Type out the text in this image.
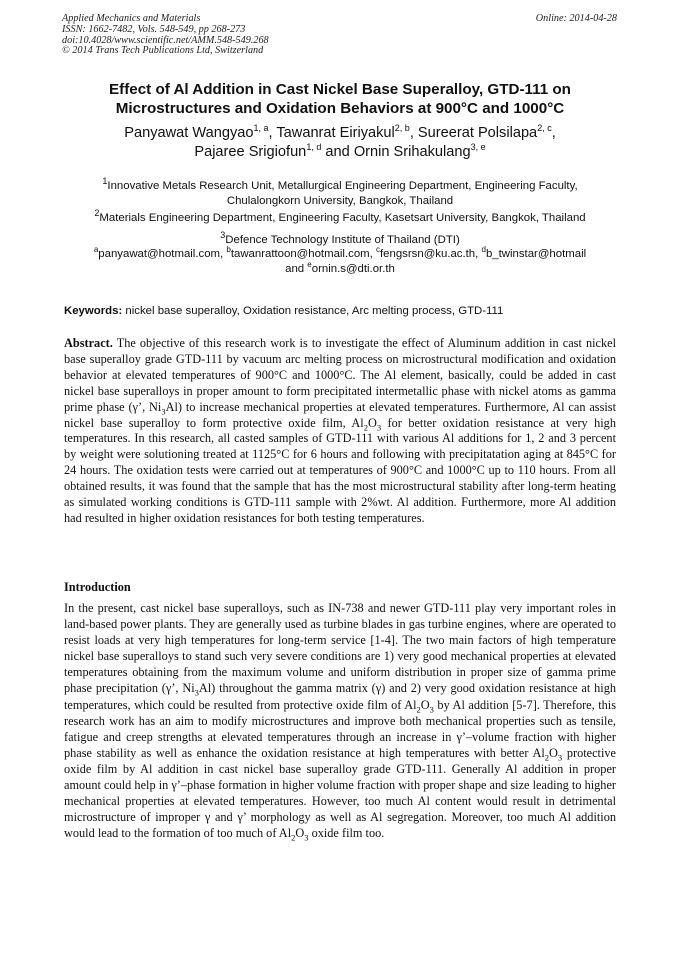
Applied Mechanics and Materials
ISSN: 1662-7482, Vols. 548-549, pp 268-273
doi:10.4028/www.scientific.net/AMM.548-549.268
© 2014 Trans Tech Publications Ltd, Switzerland
Online: 2014-04-28
Effect of Al Addition in Cast Nickel Base Superalloy, GTD-111 on
Microstructures and Oxidation Behaviors at 900°C and 1000°C
Panyawat Wangyao$^{1, a}$, Tawanrat Eiriyakul$^{2, b}$, Sureerat Polsilapa$^{2, c}$,
Pajaree Srigiofun$^{1, d}$ and Ornin Srihakulang$^{3, e}$
$^1$Innovative Metals Research Unit, Metallurgical Engineering Department, Engineering Faculty,
Chulalongkorn University, Bangkok, Thailand
$^2$Materials Engineering Department, Engineering Faculty, Kasetsart University, Bangkok, Thailand
$^3$Defence Technology Institute of Thailand (DTI)
$^a$panyawat@hotmail.com, $^b$tawanrattoon@hotmail.com, $^c$fengsrsn@ku.ac.th, $^d$b_twinstar@hotmail
and $^e$ornin.s@dti.or.th
Keywords: nickel base superalloy, Oxidation resistance, Arc melting process, GTD-111
Abstract. The objective of this research work is to investigate the effect of Aluminum addition in cast nickel base superalloy grade GTD-111 by vacuum arc melting process on microstructural modification and oxidation behavior at elevated temperatures of 900°C and 1000°C. The Al element, basically, could be added in cast nickel base superalloys in proper amount to form precipitated intermetallic phase with nickel atoms as gamma prime phase (γ’, $Ni_3Al$) to increase mechanical properties at elevated temperatures. Furthermore, Al can assist nickel base superalloy to form protective oxide film, $Al_2O_3$ for better oxidation resistance at very high temperatures. In this research, all casted samples of GTD-111 with various Al additions for 1, 2 and 3 percent by weight were solutioning treated at 1125°C for 6 hours and following with precipitatation aging at 845°C for 24 hours. The oxidation tests were carried out at temperatures of 900°C and 1000°C up to 110 hours. From all obtained results, it was found that the sample that has the most microstructural stability after long-term heating as simulated working conditions is GTD-111 sample with 2%wt. Al addition. Furthermore, more Al addition had resulted in higher oxidation resistances for both testing temperatures.
Introduction
In the present, cast nickel base superalloys, such as IN-738 and newer GTD-111 play very important roles in land-based power plants. They are generally used as turbine blades in gas turbine engines, where are operated to resist loads at very high temperatures for long-term service [1-4]. The two main factors of high temperature nickel base superalloys to stand such very severe conditions are 1) very good mechanical properties at elevated temperatures obtaining from the maximum volume and uniform distribution in proper size of gamma prime phase precipitation (γ’, $Ni_3Al$) throughout the gamma matrix (γ) and 2) very good oxidation resistance at high temperatures, which could be resulted from protective oxide film of $Al_2O_3$ by Al addition [5-7]. Therefore, this research work has an aim to modify microstructures and improve both mechanical properties such as tensile, fatigue and creep strengths at elevated temperatures through an increase in γ’–volume fraction with higher phase stability as well as enhance the oxidation resistance at high temperatures with better $Al_2O_3$ protective oxide film by Al addition in cast nickel base superalloy grade GTD-111. Generally Al addition in proper amount could help in γ’–phase formation in higher volume fraction with proper shape and size leading to higher mechanical properties at elevated temperatures. However, too much Al content would result in detrimental microstructure of improper γ and γ’ morphology as well as Al segregation. Moreover, too much Al addition would lead to the formation of too much of $Al_2O_3$ oxide film too.
